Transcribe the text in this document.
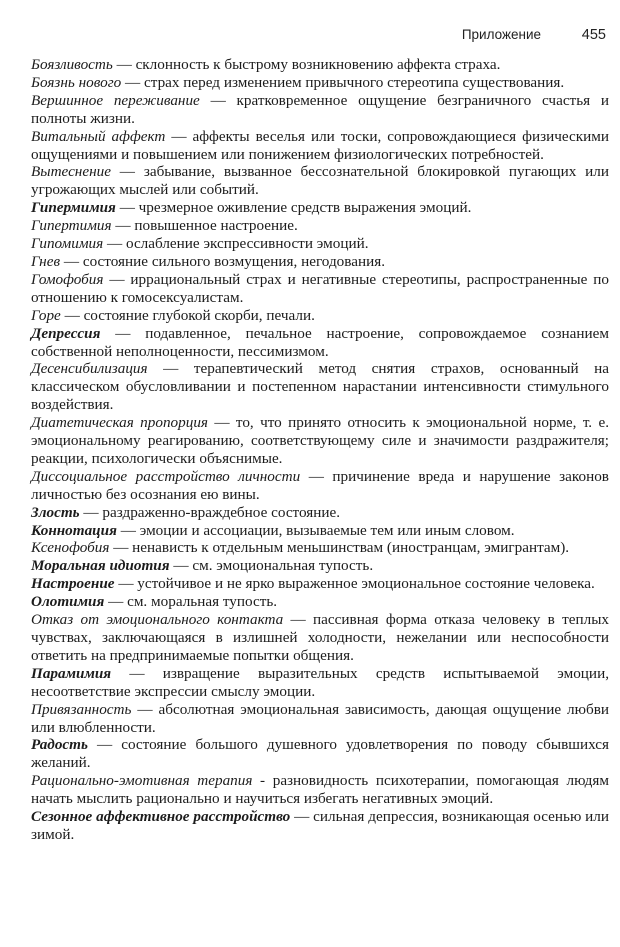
Приложение	455

Боязливость — склонность к быстрому возникновению аффекта страха.

Боязнь нового — страх перед изменением привычного стереотипа существования.

Вершинное переживание — кратковременное ощущение безграничного счастья и полноты жизни.

Витальный аффект — аффекты веселья или тоски, сопровождающиеся физическими ощущениями и повышением или понижением физиологических потребностей.

Вытеснение — забывание, вызванное бессознательной блокировкой пугающих или угрожающих мыслей или событий.

Гипермимия — чрезмерное оживление средств выражения эмоций.

Гипертимия — повышенное настроение.

Гипомимия — ослабление экспрессивности эмоций.

Гнев — состояние сильного возмущения, негодования.

Гомофобия — иррациональный страх и негативные стереотипы, распространенные по отношению к гомосексуалистам.

Горе — состояние глубокой скорби, печали.

Депрессия — подавленное, печальное настроение, сопровождаемое сознанием собственной неполноценности, пессимизмом.

Десенсибилизация — терапевтический метод снятия страхов, основанный на классическом обусловливании и постепенном нарастании интенсивности стимульного воздействия.

Диатетическая пропорция — то, что принято относить к эмоциональной норме, т. е. эмоциональному реагированию, соответствующему силе и значимости раздражителя; реакции, психологически объяснимые.

Диссоциальное расстройство личности — причинение вреда и нарушение законов личностью без осознания ею вины.

Злость — раздраженно-враждебное состояние.

Коннотация — эмоции и ассоциации, вызываемые тем или иным словом.

Ксенофобия — ненависть к отдельным меньшинствам (иностранцам, эмигрантам).

Моральная идиотия — см. эмоциональная тупость.

Настроение — устойчивое и не ярко выраженное эмоциональное состояние человека.

Олотимия — см. моральная тупость.

Отказ от эмоционального контакта — пассивная форма отказа человеку в теплых чувствах, заключающаяся в излишней холодности, нежелании или неспособности ответить на предпринимаемые попытки общения.

Парамимия — извращение выразительных средств испытываемой эмоции, несоответствие экспрессии смыслу эмоции.

Привязанность — абсолютная эмоциональная зависимость, дающая ощущение любви или влюбленности.

Радость — состояние большого душевного удовлетворения по поводу сбывшихся желаний.

Рационально-эмотивная терапия - разновидность психотерапии, помогающая людям начать мыслить рационально и научиться избегать негативных эмоций.

Сезонное аффективное расстройство — сильная депрессия, возникающая осенью или зимой.
